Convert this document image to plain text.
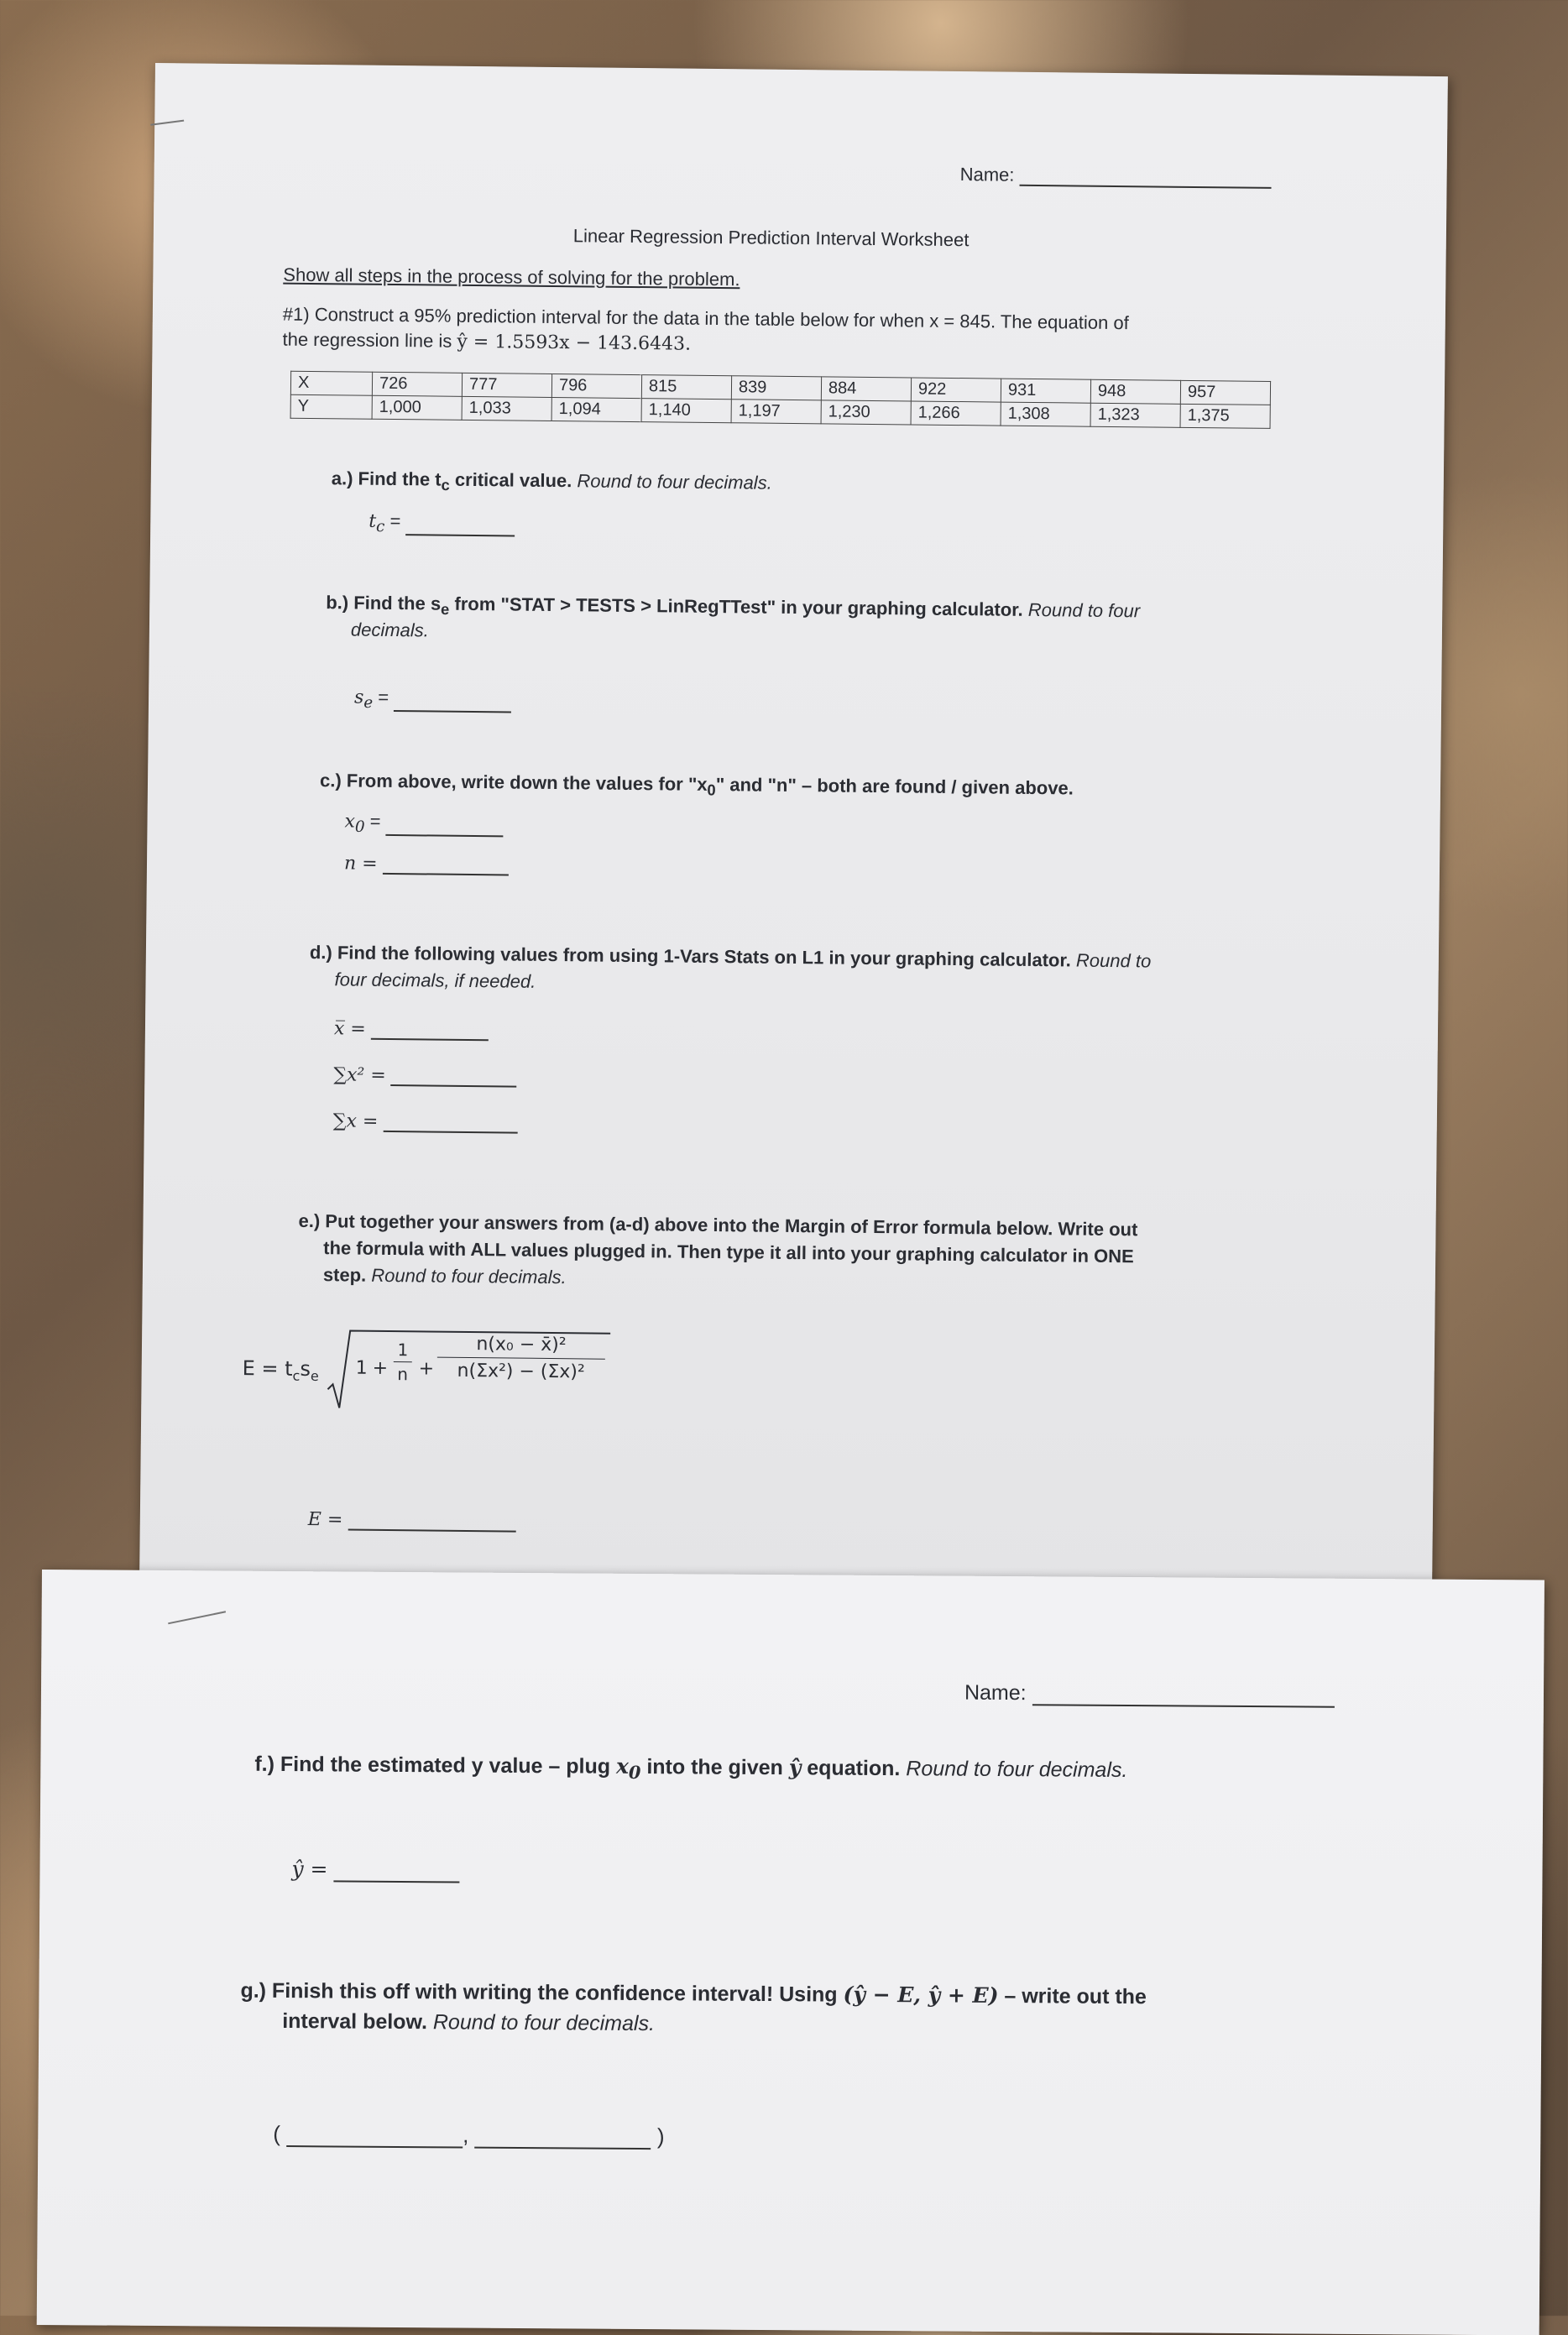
Name:
Linear Regression Prediction Interval Worksheet
Show all steps in the process of solving for the problem.
#1) Construct a 95% prediction interval for the data in the table below for when x = 845. The equation of
the regression line is ŷ = 1.5593x − 143.6443.
X	726	777	796	815	839	884	922	931	948	957
Y	1,000	1,033	1,094	1,140	1,197	1,230	1,266	1,308	1,323	1,375
a.) Find the $t_c$ critical value. Round to four decimals.
$t_c$ =
b.) Find the $s_e$ from "STAT > TESTS > LinRegTTest" in your graphing calculator. Round to four
decimals.
$s_e$ =
c.) From above, write down the values for "$x_0$" and "n" – both are found / given above.
$x_0$ =
n =
d.) Find the following values from using 1-Vars Stats on L1 in your graphing calculator. Round to
four decimals, if needed.
x̅ =
∑x² =
∑x =
e.) Put together your answers from (a-d) above into the Margin of Error formula below. Write out
the formula with ALL values plugged in. Then type it all into your graphing calculator in ONE
step. Round to four decimals.
$E = t_cs_e$ 1 +
1
n +
n(x₀ − x̄)²
n(Σx²) − (Σx)²
E =
Name:
f.) Find the estimated y value – plug $x_0$ into the given ŷ equation. Round to four decimals.
ŷ =
g.) Finish this off with writing the confidence interval! Using (ŷ − E, ŷ + E) – write out the
interval below. Round to four decimals.
(	,	)
